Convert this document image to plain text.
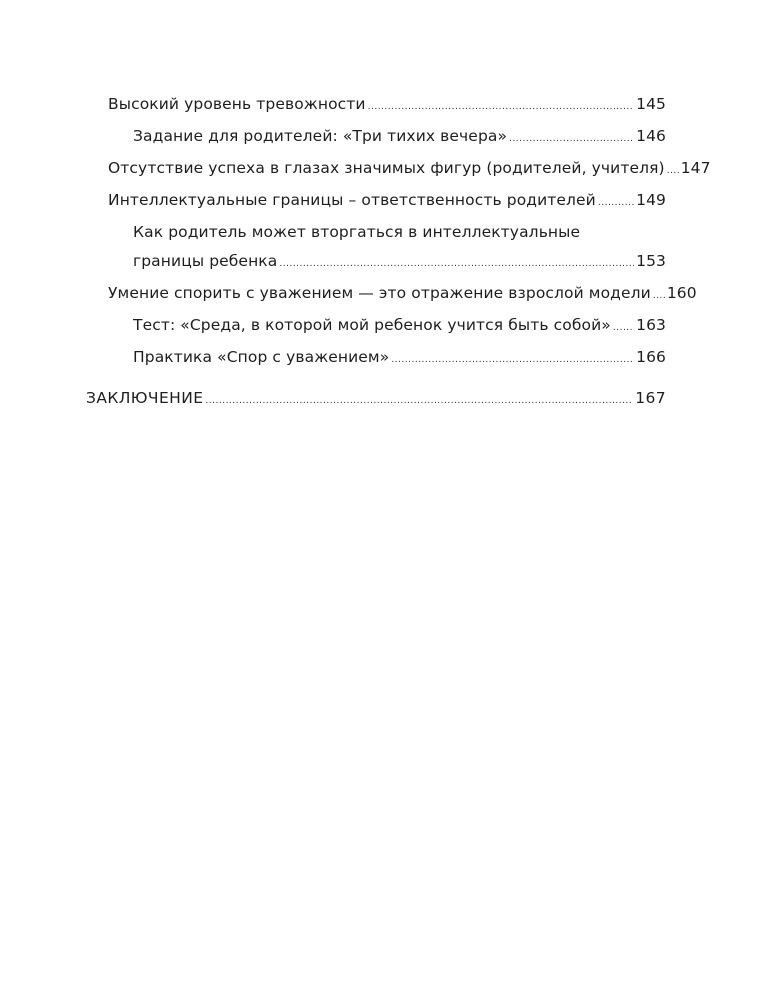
Высокий уровень тревожности .....	145
Задание для родителей: «Три тихих вечера» .....	146
Отсутствие успеха в глазах значимых фигур (родителей, учителя) ..... 147
Интеллектуальные границы – ответственность родителей .....	149
Как родитель может вторгаться в интеллектуальные
границы ребенка .....	153
Умение спорить с уважением — это отражение взрослой модели ..... 160
Тест: «Среда, в которой мой ребенок учится быть собой» ..... 163
Практика «Спор с уважением» .....	166
ЗАКЛЮЧЕНИЕ .....	167
